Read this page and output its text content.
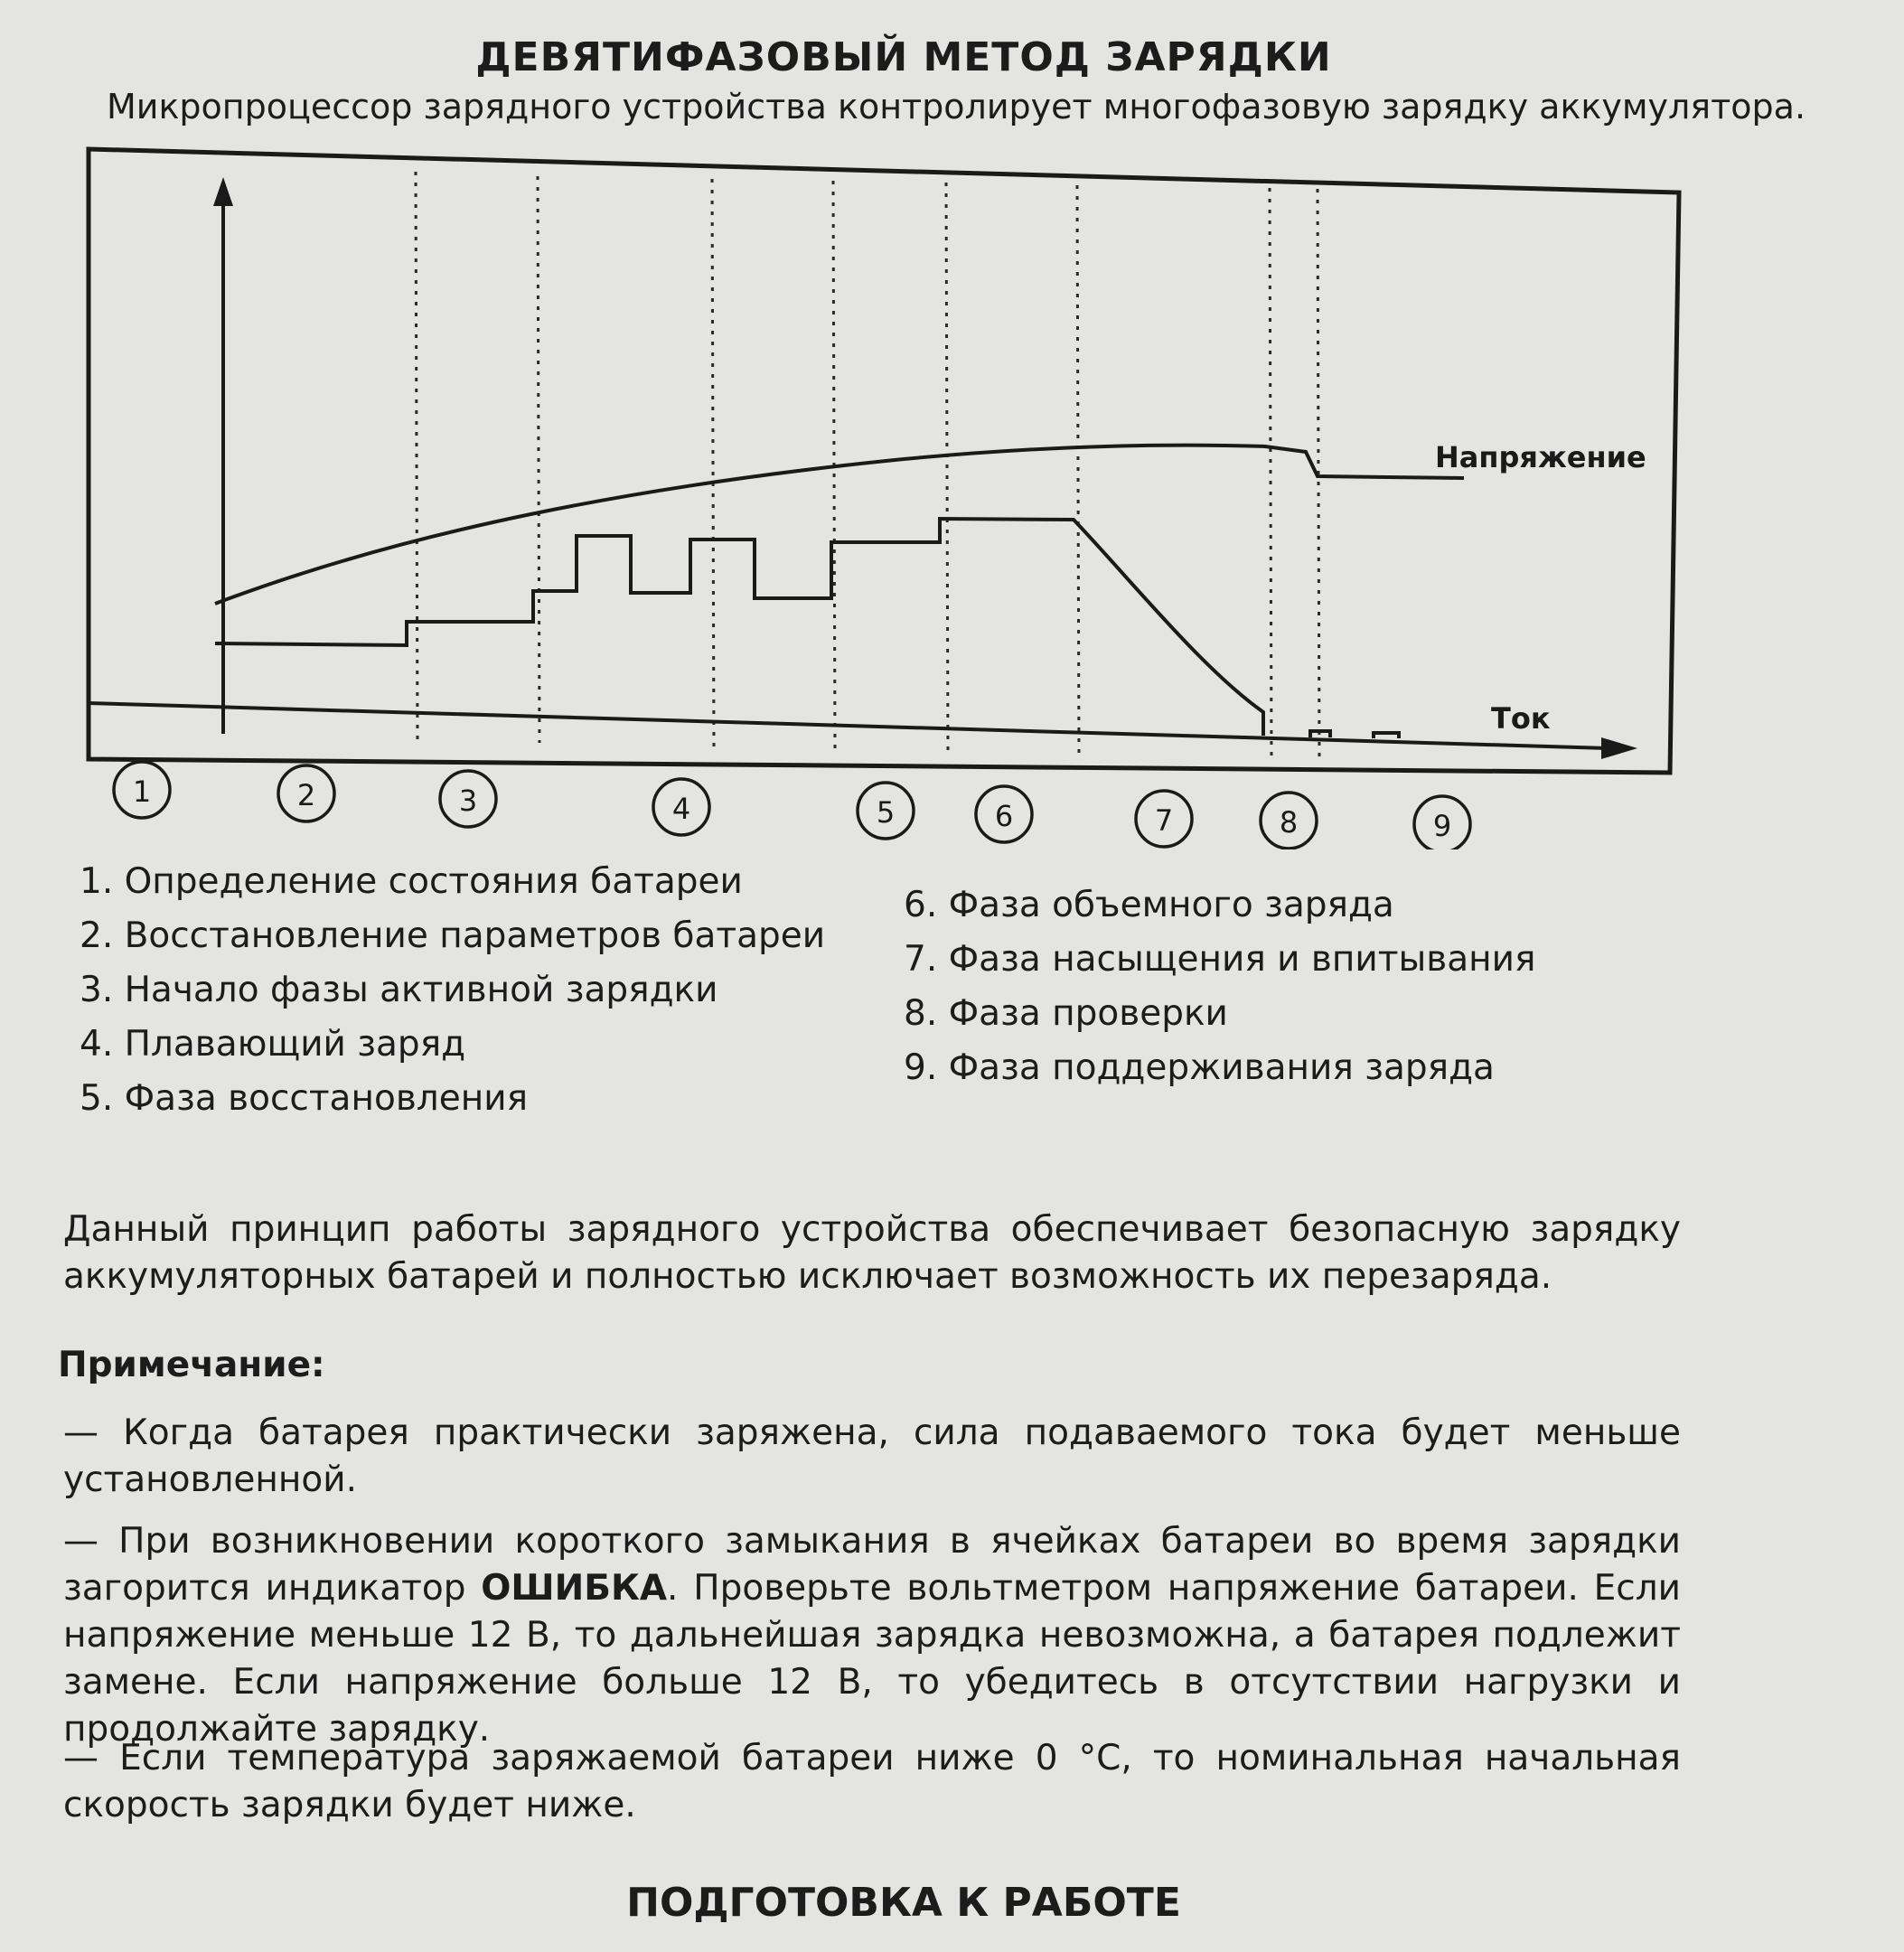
ДЕВЯТИФАЗОВЫЙ МЕТОД ЗАРЯДКИ
Микропроцессор зарядного устройства контролирует многофазовую зарядку аккумулятора.
Напряжение
Ток
1	2	3	4	5	6	7	8	9
1. Определение состояния батареи
2. Восстановление параметров батареи
3. Начало фазы активной зарядки
4. Плавающий заряд
5. Фаза восстановления
6. Фаза объемного заряда
7. Фаза насыщения и впитывания
8. Фаза проверки
9. Фаза поддерживания заряда
Данный принцип работы зарядного устройства обеспечивает безопасную зарядку аккумуляторных батарей и полностью исключает возможность их перезаряда.
Примечание:
— Когда батарея практически заряжена, сила подаваемого тока будет меньше установленной.
— При возникновении короткого замыкания в ячейках батареи во время зарядки загорится индикатор ОШИБКА. Проверьте вольтметром напряжение батареи. Если напряжение меньше 12 В, то дальнейшая зарядка невозможна, а батарея подлежит замене. Если напряжение больше 12 В, то убедитесь в отсутствии нагрузки и продолжайте зарядку.
— Если температура заряжаемой батареи ниже 0 °С, то номинальная начальная скорость зарядки будет ниже.
ПОДГОТОВКА К РАБОТЕ
